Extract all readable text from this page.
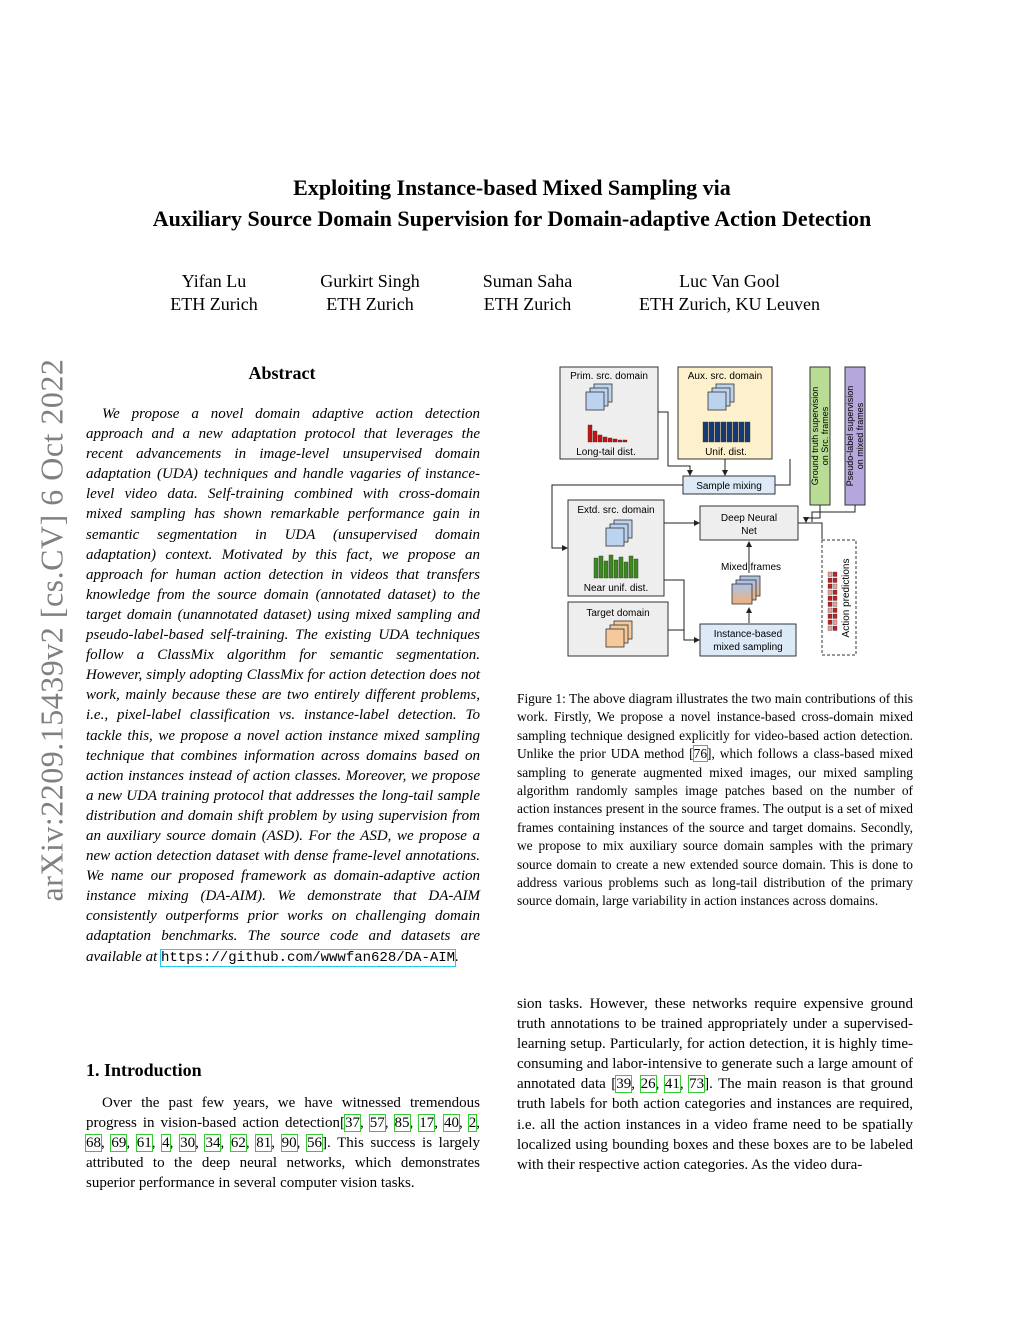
Exploiting Instance-based Mixed Sampling via
Auxiliary Source Domain Supervision for Domain-adaptive Action Detection
Yifan Lu
ETH Zurich
Gurkirt Singh
ETH Zurich
Suman Saha
ETH Zurich
Luc Van Gool
ETH Zurich, KU Leuven
arXiv:2209.15439v2 [cs.CV] 6 Oct 2022	Abstract
We propose a novel domain adaptive action detection approach and a new adaptation protocol that leverages the recent advancements in image-level unsupervised domain adaptation (UDA) techniques and handle vagaries of instance-level video data. Self-training combined with cross-domain mixed sampling has shown remarkable performance gain in semantic segmentation in UDA (unsupervised domain adaptation) context. Motivated by this fact, we propose an approach for human action detection in videos that transfers knowledge from the source domain (annotated dataset) to the target domain (unannotated dataset) using mixed sampling and pseudo-label-based self-training. The existing UDA techniques follow a ClassMix algorithm for semantic segmentation. However, simply adopting ClassMix for action detection does not work, mainly because these are two entirely different problems, i.e., pixel-label classification vs. instance-label detection. To tackle this, we propose a novel action instance mixed sampling technique that combines information across domains based on action instances instead of action classes. Moreover, we propose a new UDA training protocol that addresses the long-tail sample distribution and domain shift problem by using supervision from an auxiliary source domain (ASD). For the ASD, we propose a new action detection dataset with dense frame-level annotations. We name our proposed framework as domain-adaptive action instance mixing (DA-AIM). We demonstrate that DA-AIM consistently outperforms prior works on challenging domain adaptation benchmarks. The source code and datasets are available at https://github.com/wwwfan628/DA-AIM.
1. Introduction
Over the past few years, we have witnessed tremendous progress in vision-based action detection[37, 57, 85, 17, 40, 2, 68, 69, 61, 4, 30, 34, 62, 81, 90, 56]. This success is largely attributed to the deep neural networks, which demonstrates superior performance in several computer vision tasks.
Prim. src. domain
Long-tail dist.
Aux. src. domain
Unif. dist.	Ground truth supervision on Src. frames Pseudo-label supervision on mixed frames
Sample mixing
Extd. src. domain
Near unif. dist.
Deep Neural
Net
Mixed frames	Action predictions
Target domain
Instance-based
mixed sampling
Figure 1: The above diagram illustrates the two main contributions of this work. Firstly, We propose a novel instance-based cross-domain mixed sampling technique designed explicitly for video-based action detection. Unlike the prior UDA method [76], which follows a class-based mixed sampling to generate augmented mixed images, our mixed sampling algorithm randomly samples image patches based on the number of action instances present in the source frames. The output is a set of mixed frames containing instances of the source and target domains. Secondly, we propose to mix auxiliary source domain samples with the primary source domain to create a new extended source domain. This is done to address various problems such as long-tail distribution of the primary source domain, large variability in action instances across domains.
sion tasks. However, these networks require expensive ground truth annotations to be trained appropriately under a supervised-learning setup. Particularly, for action detection, it is highly time-consuming and labor-intensive to generate such a large amount of annotated data [39, 26, 41, 73]. The main reason is that ground truth labels for both action categories and instances are required, i.e. all the action instances in a video frame need to be spatially localized using bounding boxes and these boxes are to be labeled with their respective action categories. As the video dura-
